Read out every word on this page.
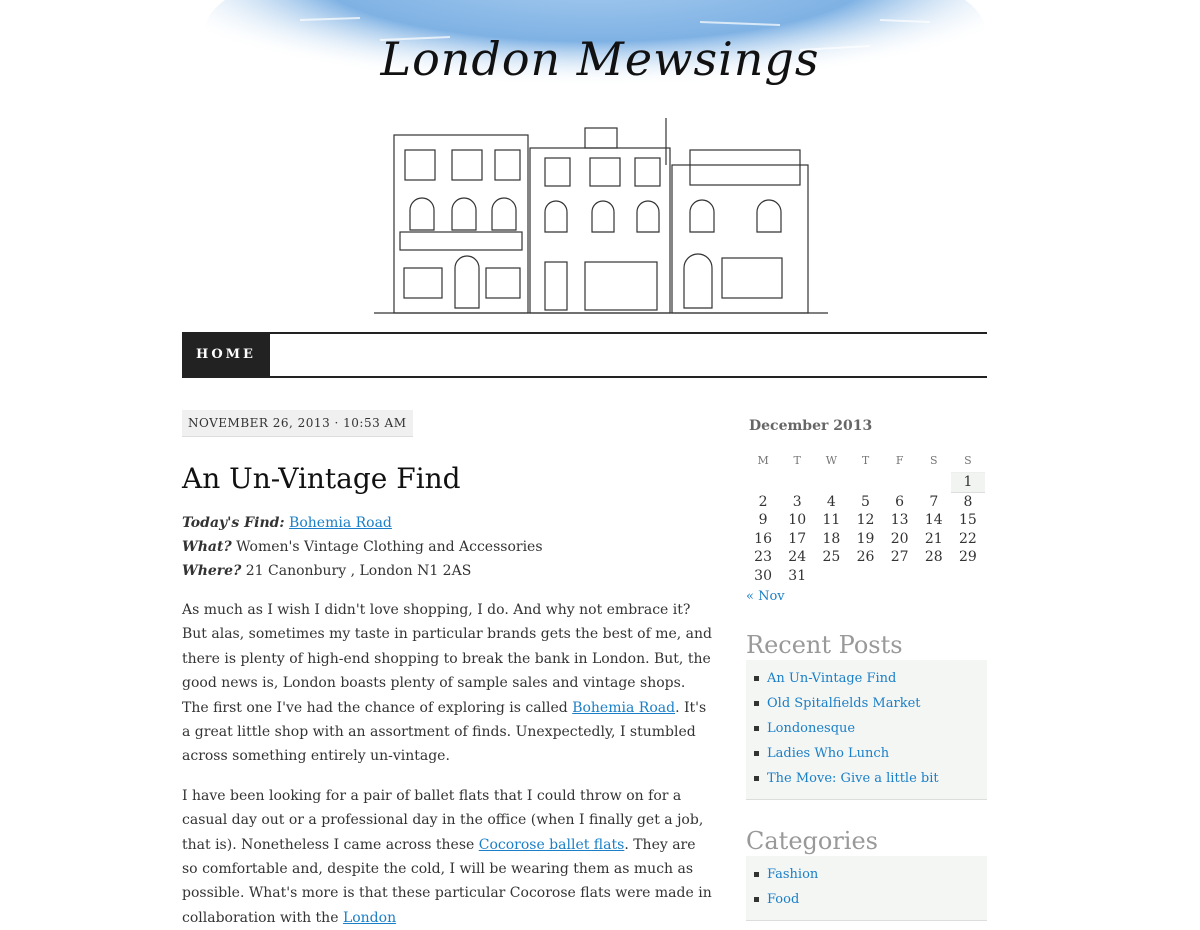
London Mewsings
HOME
NOVEMBER 26, 2013 · 10:53 AM
An Un-Vintage Find
Today's Find: Bohemia Road
What? Women's Vintage Clothing and Accessories
Where? 21 Canonbury , London N1 2AS

As much as I wish I didn't love shopping, I do. And why not embrace it? But alas, sometimes my taste in particular brands gets the best of me, and there is plenty of high-end shopping to break the bank in London. But, the good news is, London boasts plenty of sample sales and vintage shops. The first one I've had the chance of exploring is called Bohemia Road. It's a great little shop with an assortment of finds. Unexpectedly, I stumbled across something entirely un-vintage.

I have been looking for a pair of ballet flats that I could throw on for a casual day out or a professional day in the office (when I finally get a job, that is). Nonetheless I came across these Cocorose ballet flats. They are so comfortable and, despite the cold, I will be wearing them as much as possible. What's more is that these particular Cocorose flats were made in collaboration with the London

December 2013
M	T	W	T	F	S	S
						1
2	3	4	5	6	7	8
9	10	11	12	13	14	15
16	17	18	19	20	21	22
23	24	25	26	27	28	29
30	31					
« Nov
Recent Posts
An Un-Vintage Find
Old Spitalfields Market
Londonesque
Ladies Who Lunch
The Move: Give a little bit
Categories
Fashion
Food
